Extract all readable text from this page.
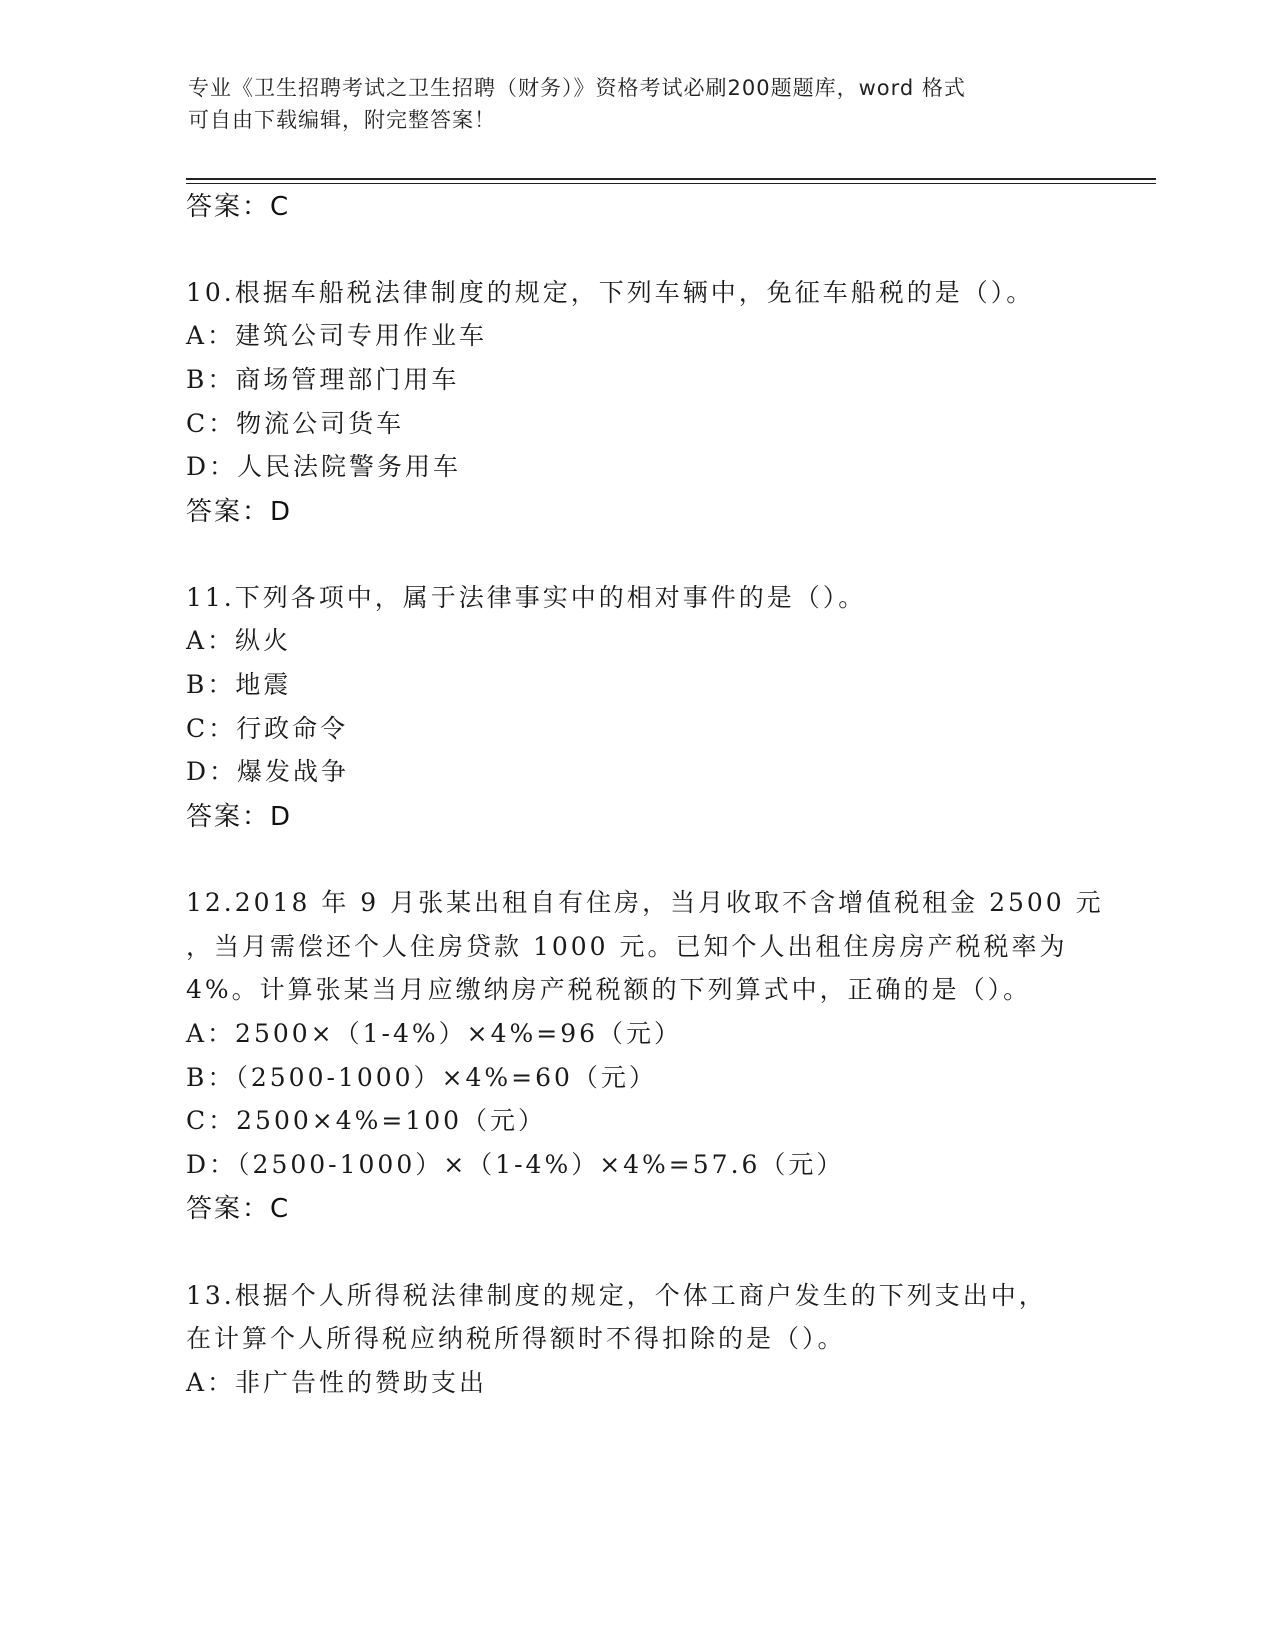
专业《卫生招聘考试之卫生招聘（财务）》资格考试必刷200题题库，word 格式
可自由下载编辑，附完整答案！
答案：C
10.根据车船税法律制度的规定，下列车辆中，免征车船税的是（）。
A：建筑公司专用作业车
B：商场管理部门用车
C：物流公司货车
D：人民法院警务用车
答案：D
11.下列各项中，属于法律事实中的相对事件的是（）。
A：纵火
B：地震
C：行政命令
D：爆发战争
答案：D
12.2018 年 9 月张某出租自有住房，当月收取不含增值税租金 2500 元
，当月需偿还个人住房贷款 1000 元。已知个人出租住房房产税税率为
4%。计算张某当月应缴纳房产税税额的下列算式中，正确的是（）。
A：2500×（1-4%）×4%=96（元）
B：（2500-1000）×4%=60（元）
C：2500×4%=100（元）
D：（2500-1000）×（1-4%）×4%=57.6（元）
答案：C
13.根据个人所得税法律制度的规定，个体工商户发生的下列支出中，
在计算个人所得税应纳税所得额时不得扣除的是（）。
A：非广告性的赞助支出
